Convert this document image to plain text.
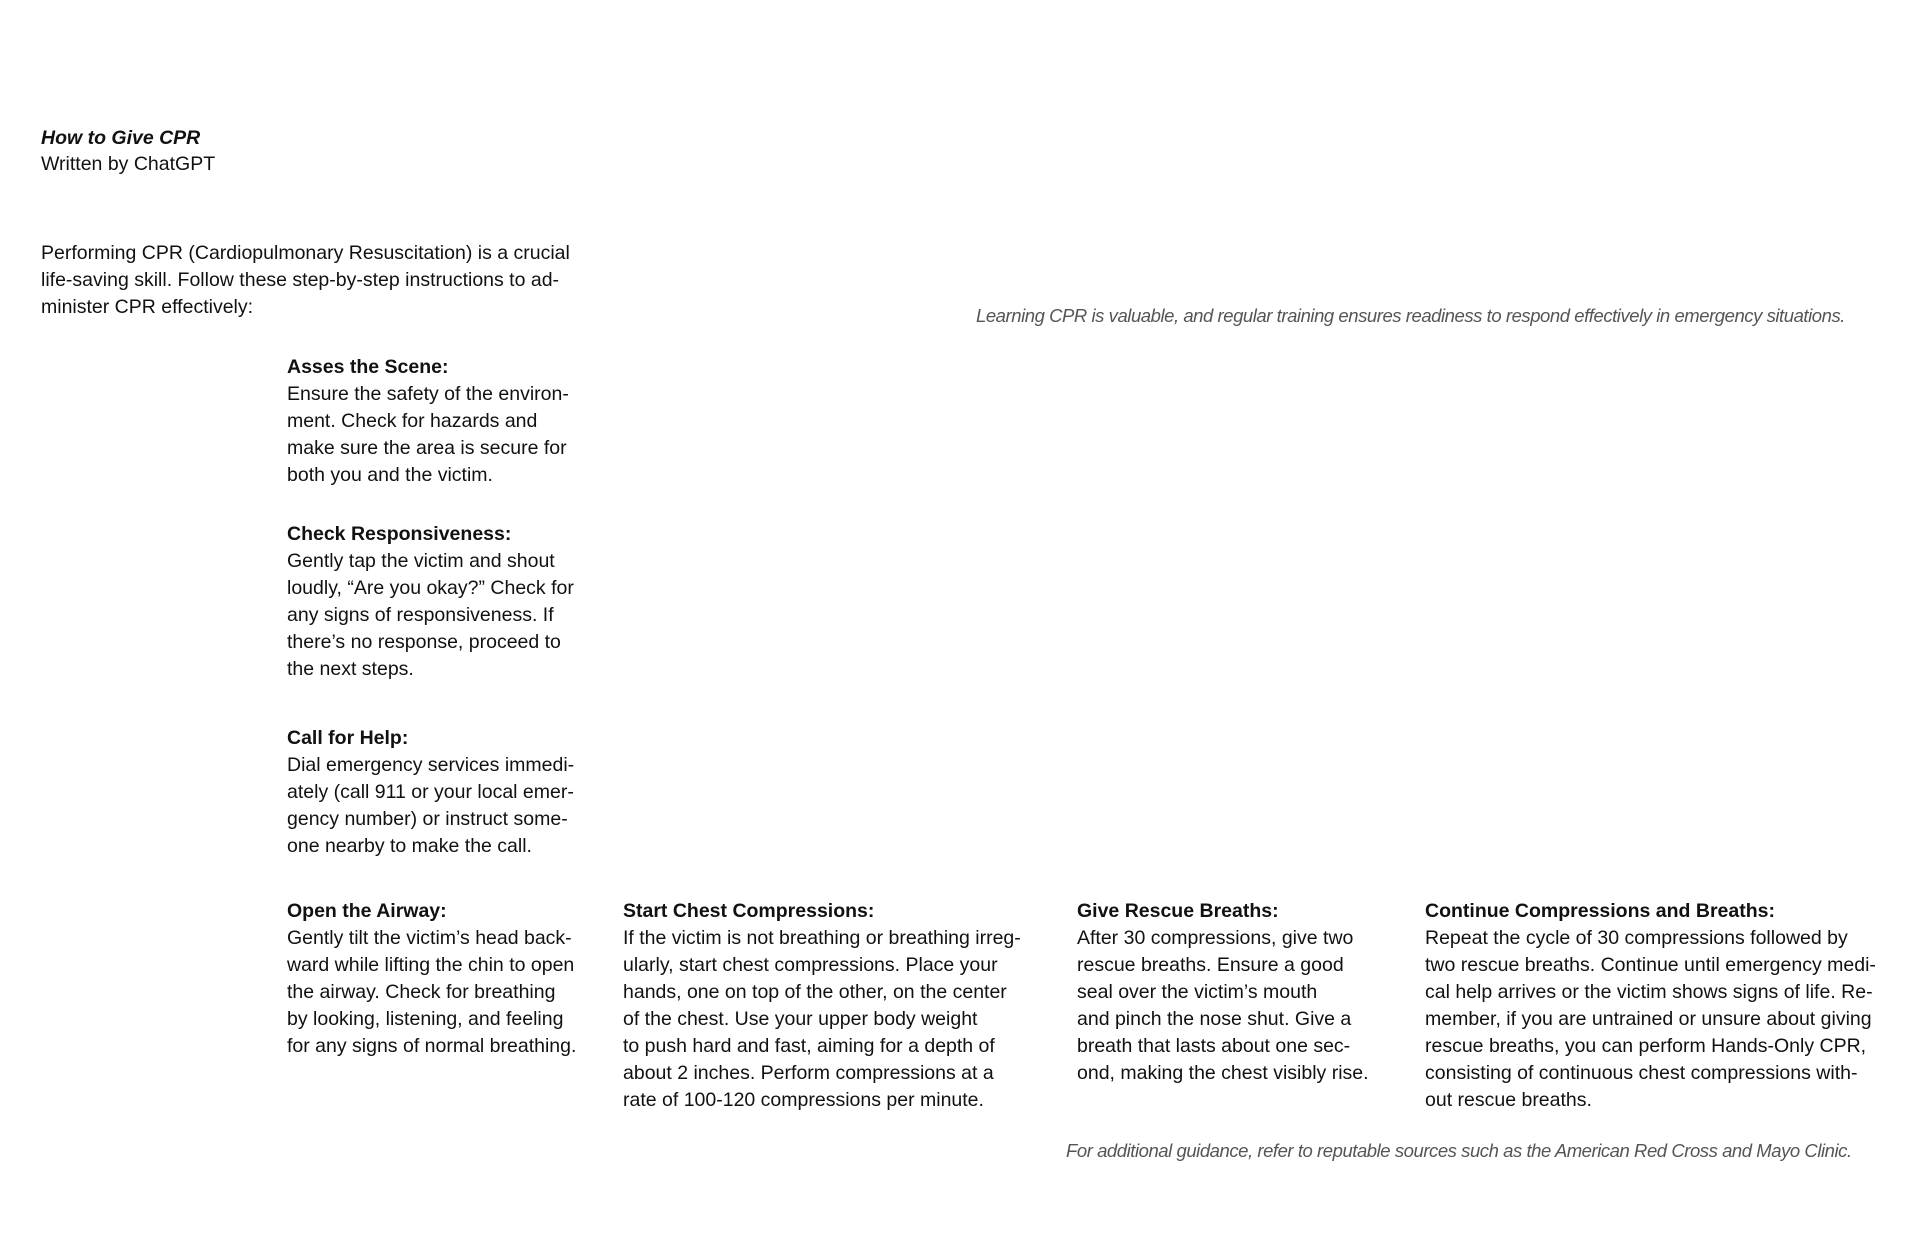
How to Give CPR
Written by ChatGPT
Performing CPR (Cardiopulmonary Resuscitation) is a crucial
life-saving skill. Follow these step-by-step instructions to ad-
minister CPR effectively:	Learning CPR is valuable, and regular training ensures readiness to respond effectively in emergency situations.
Asses the Scene:
Ensure the safety of the environ-
ment. Check for hazards and
make sure the area is secure for
both you and the victim.
Check Responsiveness:
Gently tap the victim and shout
loudly, “Are you okay?” Check for
any signs of responsiveness. If
there’s no response, proceed to
the next steps.
Call for Help:
Dial emergency services immedi-
ately (call 911 or your local emer-
gency number) or instruct some-
one nearby to make the call.
Open the Airway:
Gently tilt the victim’s head back-
ward while lifting the chin to open
the airway. Check for breathing
by looking, listening, and feeling
for any signs of normal breathing.
Start Chest Compressions:
If the victim is not breathing or breathing irreg-
ularly, start chest compressions. Place your
hands, one on top of the other, on the center
of the chest. Use your upper body weight
to push hard and fast, aiming for a depth of
about 2 inches. Perform compressions at a
rate of 100-120 compressions per minute.
Give Rescue Breaths:
After 30 compressions, give two
rescue breaths. Ensure a good
seal over the victim’s mouth
and pinch the nose shut. Give a
breath that lasts about one sec-
ond, making the chest visibly rise.
Continue Compressions and Breaths:
Repeat the cycle of 30 compressions followed by
two rescue breaths. Continue until emergency medi-
cal help arrives or the victim shows signs of life. Re-
member, if you are untrained or unsure about giving
rescue breaths, you can perform Hands-Only CPR,
consisting of continuous chest compressions with-
out rescue breaths.
For additional guidance, refer to reputable sources such as the American Red Cross and Mayo Clinic.
